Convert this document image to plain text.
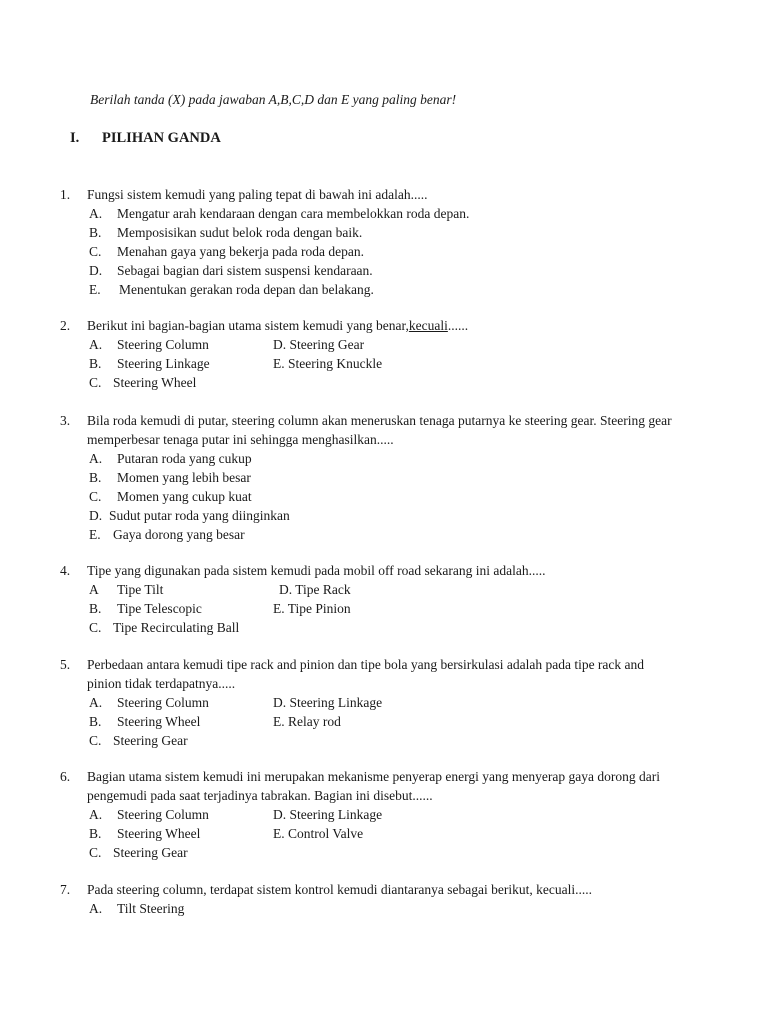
Berilah tanda (X) pada jawaban A,B,C,D dan E yang paling benar!
I. PILIHAN GANDA
1. Fungsi sistem kemudi yang paling tepat di bawah ini adalah.....
A. Mengatur arah kendaraan dengan cara membelokkan roda depan.
B. Memposisikan sudut belok roda dengan baik.
C. Menahan gaya yang bekerja pada roda depan.
D. Sebagai bagian dari sistem suspensi kendaraan.
E. Menentukan gerakan roda depan dan belakang.
2. Berikut ini bagian-bagian utama sistem kemudi yang benar,kecuali......
A. Steering Column	D. Steering Gear
B. Steering Linkage	E. Steering Knuckle
C. Steering Wheel
3. Bila roda kemudi di putar, steering column akan meneruskan tenaga putarnya ke steering gear. Steering gear memperbesar tenaga putar ini sehingga menghasilkan.....
A. Putaran roda yang cukup
B. Momen yang lebih besar
C. Momen yang cukup kuat
D. Sudut putar roda yang diinginkan
E. Gaya dorong yang besar
4. Tipe yang digunakan pada sistem kemudi pada mobil off road sekarang ini adalah.....
A Tipe Tilt	D. Tipe Rack
B. Tipe Telescopic	E. Tipe Pinion
C. Tipe Recirculating Ball
5. Perbedaan antara kemudi tipe rack and pinion dan tipe bola yang bersirkulasi adalah pada tipe rack and pinion tidak terdapatnya.....
A. Steering Column	D. Steering Linkage
B. Steering Wheel	E. Relay rod
C. Steering Gear
6. Bagian utama sistem kemudi ini merupakan mekanisme penyerap energi yang menyerap gaya dorong dari pengemudi pada saat terjadinya tabrakan. Bagian ini disebut......
A. Steering Column	D. Steering Linkage
B. Steering Wheel	E. Control Valve
C. Steering Gear
7. Pada steering column, terdapat sistem kontrol kemudi diantaranya sebagai berikut, kecuali.....
A. Tilt Steering
